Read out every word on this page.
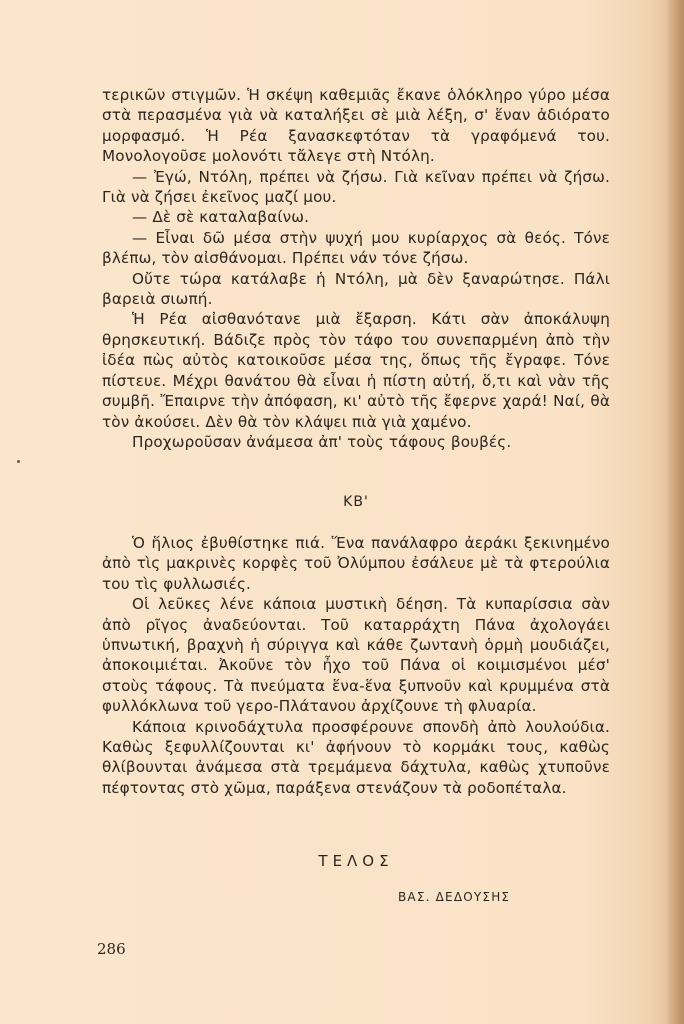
τερικῶν στιγμῶν. Ἡ σκέψη καθεμιᾶς ἔκανε ὁλόκληρο γύρο μέσα στὰ περασμένα γιὰ νὰ καταλήξει σὲ μιὰ λέξη, σ' ἕναν ἀδιόρατο μορφασμό. Ἡ Ρέα ξανασκεφτόταν τὰ γραφόμενά του. Μονολογοῦσε μολονότι τἄλεγε στὴ Ντόλη.

— Ἐγώ, Ντόλη, πρέπει νὰ ζήσω. Γιὰ κεῖναν πρέπει νὰ ζήσω. Γιὰ νὰ ζήσει ἐκεῖνος μαζί μου.

— Δὲ σὲ καταλαβαίνω.

— Εἶναι δῶ μέσα στὴν ψυχή μου κυρίαρχος σὰ θεός. Τόνε βλέπω, τὸν αἰσθάνομαι. Πρέπει νάν τόνε ζήσω.

Οὔτε τώρα κατάλαβε ἡ Ντόλη, μὰ δὲν ξαναρώτησε. Πάλι βαρειὰ σιωπή.

Ἡ Ρέα αἰσθανότανε μιὰ ἔξαρση. Κάτι σὰν ἀποκάλυψη θρησκευτική. Βάδιζε πρὸς τὸν τάφο του συνεπαρμένη ἀπὸ τὴν ἰδέα πὼς αὐτὸς κατοικοῦσε μέσα της, ὅπως τῆς ἔγραφε. Τόνε πίστευε. Μέχρι θανάτου θὰ εἶναι ἡ πίστη αὐτή, ὅ,τι καὶ νὰν τῆς συμβῆ. Ἔπαιρνε τὴν ἀπόφαση, κι' αὐτὸ τῆς ἔφερνε χαρά! Ναί, θὰ τὸν ἀκούσει. Δὲν θὰ τὸν κλάψει πιὰ γιὰ χαμένο.

Προχωροῦσαν ἀνάμεσα ἀπ' τοὺς τάφους βουβές.

ΚΒ'

Ὁ ἥλιος ἐβυθίστηκε πιά. Ἕνα πανάλαφρο ἀεράκι ξεκινημένο ἀπὸ τὶς μακρινὲς κορφὲς τοῦ Ὀλύμπου ἐσάλευε μὲ τὰ φτερούλια του τὶς φυλλωσιές.

Οἱ λεῦκες λένε κάποια μυστικὴ δέηση. Τὰ κυπαρίσσια σὰν ἀπὸ ρῖγος ἀναδεύονται. Τοῦ καταρράχτη Πάνα ἀχολογάει ὑπνωτική, βραχνὴ ἡ σύριγγα καὶ κάθε ζωντανὴ ὁρμὴ μουδιάζει, ἀποκοιμιέται. Ἀκοῦνε τὸν ἦχο τοῦ Πάνα οἱ κοιμισμένοι μέσ' στοὺς τάφους. Τὰ πνεύματα ἕνα-ἕνα ξυπνοῦν καὶ κρυμμένα στὰ φυλλόκλωνα τοῦ γερο-Πλάτανου ἀρχίζουνε τὴ φλυαρία.

Κάποια κρινοδάχτυλα προσφέρουνε σπονδὴ ἀπὸ λουλούδια. Καθὼς ξεφυλλίζουνται κι' ἀφήνουν τὸ κορμάκι τους, καθὼς θλίβουνται ἀνάμεσα στὰ τρεμάμενα δάχτυλα, καθὼς χτυποῦνε πέφτοντας στὸ χῶμα, παράξενα στενάζουν τὰ ροδοπέταλα.

ΤΕΛΟΣ
ΒΑΣ. ΔΕΔΟΥΣΗΣ
286
